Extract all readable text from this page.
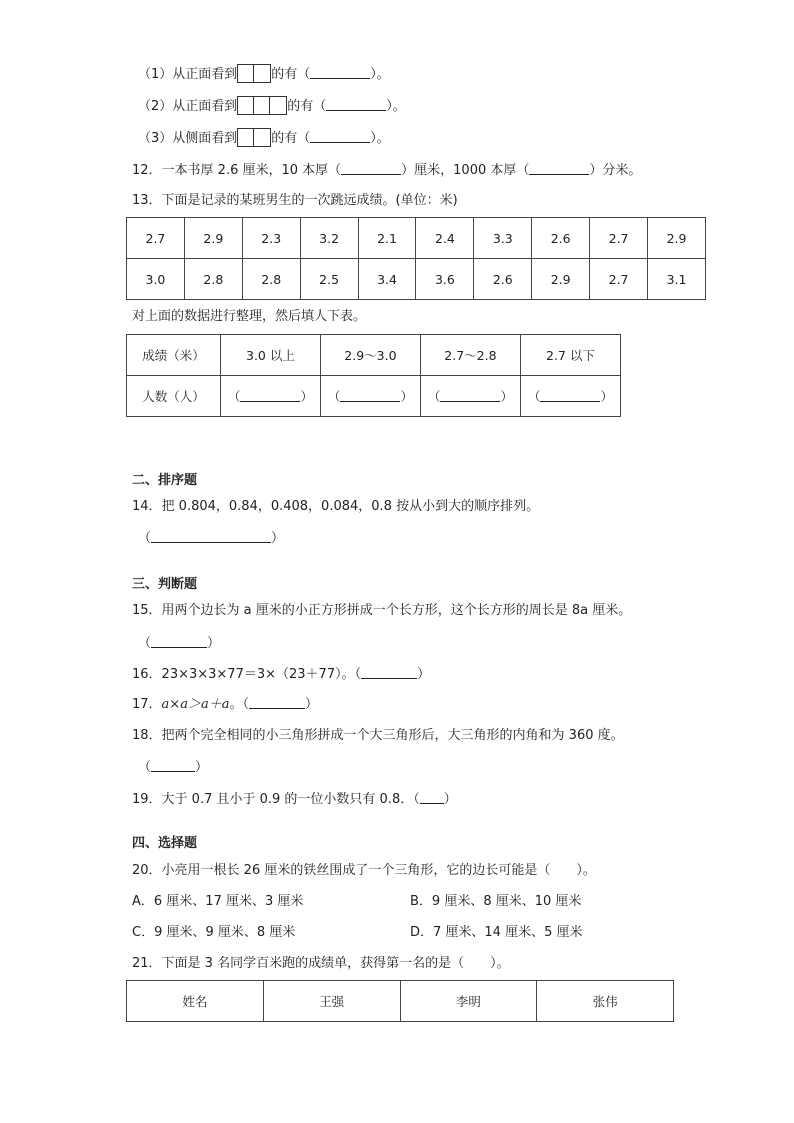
（1）从正面看到	的有（	）。
（2）从正面看到	的有（	）。
（3）从侧面看到	的有（	）。
12．一本书厚 2.6 厘米，10 本厚（	）厘米，1000 本厚（	）分米。
13．下面是记录的某班男生的一次跳远成绩。(单位：米)
2.7	2.9	2.3	3.2	2.1	2.4	3.3	2.6	2.7	2.9
3.0	2.8	2.8	2.5	3.4	3.6	2.6	2.9	2.7	3.1
对上面的数据进行整理，然后填人下表。
成绩（米）	3.0 以上	2.9～3.0	2.7～2.8	2.7 以下
人数（人）	（ ）	（ ）	（ ）	（ ）
二、排序题
14．把 0.804，0.84，0.408，0.084，0.8 按从小到大的顺序排列。
（	）
三、判断题
15．用两个边长为 a 厘米的小正方形拼成一个长方形，这个长方形的周长是 8a 厘米。
（	）
16．23×3×3×77＝3×（23＋77）。（	）
17．a×a＞a＋a。（	）
18．把两个完全相同的小三角形拼成一个大三角形后，大三角形的内角和为 360 度。
（	）
19．大于 0.7 且小于 0.9 的一位小数只有 0.8．（ ）
四、选择题
20．小亮用一根长 26 厘米的铁丝围成了一个三角形，它的边长可能是（　　）。
A．6 厘米、17 厘米、3 厘米	B．9 厘米、8 厘米、10 厘米
C．9 厘米、9 厘米、8 厘米	D．7 厘米、14 厘米、5 厘米
21．下面是 3 名同学百米跑的成绩单，获得第一名的是（　　）。
姓名	王强	李明	张伟
